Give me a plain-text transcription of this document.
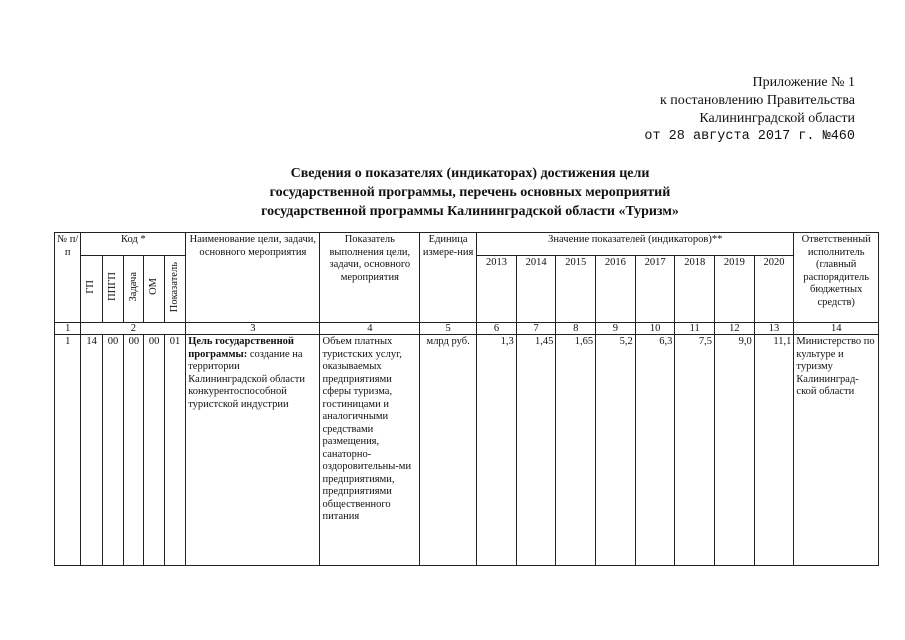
Приложение № 1
к постановлению Правительства
Калининградской области
от 28 августа 2017 г. №460
Сведения о показателях (индикаторах) достижения цели
государственной программы, перечень основных мероприятий
государственной программы Калининградской области «Туризм»
№ п/п	Код *					Наименование цели, задачи, основного мероприятия	Показатель выполнения цели, задачи, основного мероприятия	Единица измере-ния	Значение показателей (индикаторов)**								Ответственный исполнитель (главный распорядитель бюджетных средств)
	ГП	ППГП	Задача	ОМ	Показатель				2013	2014	2015	2016	2017	2018	2019	2020	
1	2					3	4	5	6	7	8	9	10	11	12	13	14
1	14	00	00	00	01	Цель государственной программы: создание на территории Калининградской области конкурентоспособной туристской индустрии	Объем платных туристских услуг, оказываемых предприятиями сферы туризма, гостиницами и аналогичными средствами размещения, санаторно-оздоровительны-ми предприятиями, предприятиями общественного питания	млрд руб.	1,3	1,45	1,65	5,2	6,3	7,5	9,0	11,1	Министерство по культуре и туризму Калининград-ской области
